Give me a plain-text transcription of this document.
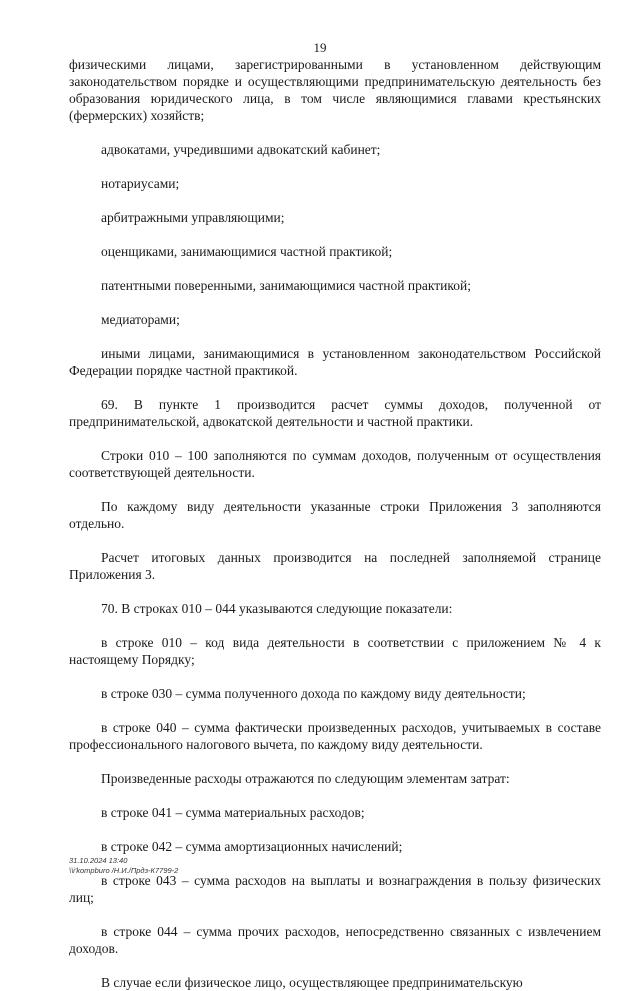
19

физическими лицами, зарегистрированными в установленном действующим законодательством порядке и осуществляющими предпринимательскую деятельность без образования юридического лица, в том числе являющимися главами крестьянских (фермерских) хозяйств;

адвокатами, учредившими адвокатский кабинет;

нотариусами;

арбитражными управляющими;

оценщиками, занимающимися частной практикой;

патентными поверенными, занимающимися частной практикой;

медиаторами;

иными лицами, занимающимися в установленном законодательством Российской Федерации порядке частной практикой.

69. В пункте 1 производится расчет суммы доходов, полученной от предпринимательской, адвокатской деятельности и частной практики.

Строки 010 – 100 заполняются по суммам доходов, полученным от осуществления соответствующей деятельности.

По каждому виду деятельности указанные строки Приложения 3 заполняются отдельно.

Расчет итоговых данных производится на последней заполняемой странице Приложения 3.

70. В строках 010 – 044 указываются следующие показатели:

в строке 010 – код вида деятельности в соответствии с приложением № 4 к настоящему Порядку;

в строке 030 – сумма полученного дохода по каждому виду деятельности;

в строке 040 – сумма фактически произведенных расходов, учитываемых в составе профессионального налогового вычета, по каждому виду деятельности.

Произведенные расходы отражаются по следующим элементам затрат:

в строке 041 – сумма материальных расходов;

в строке 042 – сумма амортизационных начислений;

в строке 043 – сумма расходов на выплаты и вознаграждения в пользу физических лиц;

в строке 044 – сумма прочих расходов, непосредственно связанных с извлечением доходов.

В случае если физическое лицо, осуществляющее предпринимательскую

31.10.2024 13:40
\\i'kompburo /Н.И./Прдз-К7799-2
